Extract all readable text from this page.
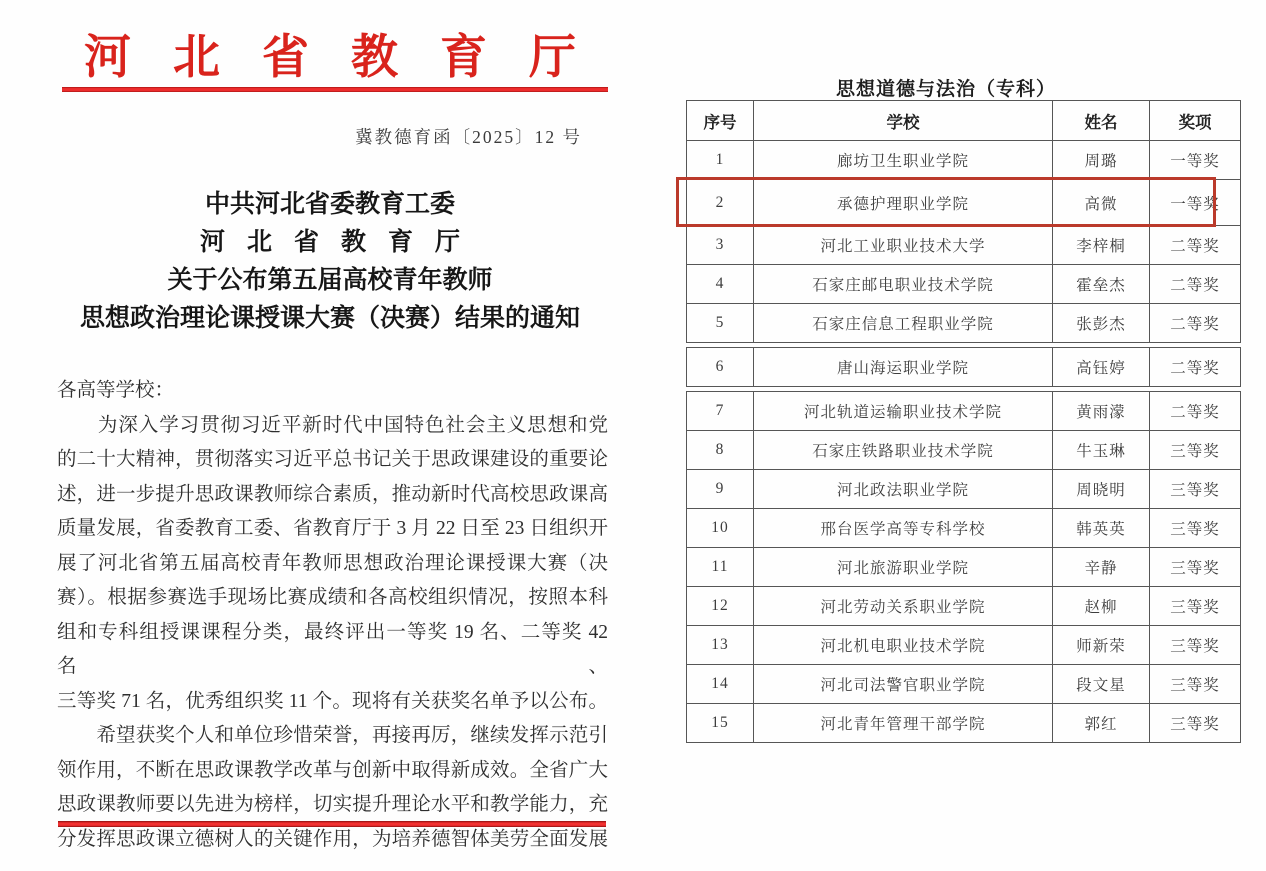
河北省教育厅
冀教德育函〔2025〕12 号
中共河北省委教育工委
河北省教育厅
关于公布第五届高校青年教师
思想政治理论课授课大赛（决赛）结果的通知
各高等学校：
　　为深入学习贯彻习近平新时代中国特色社会主义思想和党
的二十大精神，贯彻落实习近平总书记关于思政课建设的重要论
述，进一步提升思政课教师综合素质，推动新时代高校思政课高
质量发展，省委教育工委、省教育厅于 3 月 22 日至 23 日组织开
展了河北省第五届高校青年教师思想政治理论课授课大赛（决
赛）。根据参赛选手现场比赛成绩和各高校组织情况，按照本科
组和专科组授课课程分类，最终评出一等奖 19 名、二等奖 42 名、
三等奖 71 名，优秀组织奖 11 个。现将有关获奖名单予以公布。
　　希望获奖个人和单位珍惜荣誉，再接再厉，继续发挥示范引
领作用，不断在思政课教学改革与创新中取得新成效。全省广大
思政课教师要以先进为榜样，切实提升理论水平和教学能力，充
分发挥思政课立德树人的关键作用，为培养德智体美劳全面发展
思想道德与法治（专科）
序号	学校	姓名	奖项
1	廊坊卫生职业学院	周璐	一等奖
2	承德护理职业学院	高微	一等奖
3	河北工业职业技术大学	李梓桐	二等奖
4	石家庄邮电职业技术学院	霍垒杰	二等奖
5	石家庄信息工程职业学院	张彭杰	二等奖
6	唐山海运职业学院	高钰婷	二等奖
7	河北轨道运输职业技术学院	黄雨濛	二等奖
8	石家庄铁路职业技术学院	牛玉琳	三等奖
9	河北政法职业学院	周晓明	三等奖
10	邢台医学高等专科学校	韩英英	三等奖
11	河北旅游职业学院	辛静	三等奖
12	河北劳动关系职业学院	赵柳	三等奖
13	河北机电职业技术学院	师新荣	三等奖
14	河北司法警官职业学院	段文星	三等奖
15	河北青年管理干部学院	郭红	三等奖
